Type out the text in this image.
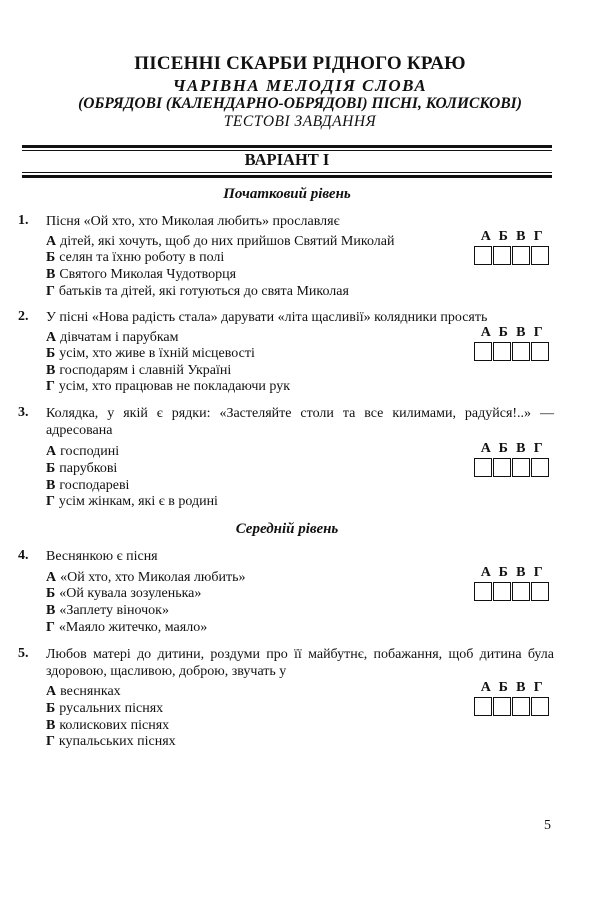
ПІСЕННІ СКАРБИ РІДНОГО КРАЮ
ЧАРІВНА МЕЛОДІЯ СЛОВА
(ОБРЯДОВІ (КАЛЕНДАРНО-ОБРЯДОВІ) ПІСНІ, КОЛИСКОВІ)
ТЕСТОВІ ЗАВДАННЯ
ВАРІАНТ І
Початковий рівень
1. Пісня «Ой хто, хто Миколая любить» прославляє
А дітей, які хочуть, щоб до них прийшов Святий Миколай
Б селян та їхню роботу в полі
В Святого Миколая Чудотворця
Г батьків та дітей, які готуються до свята Миколая
А Б В Г
2. У пісні «Нова радість стала» дарувати «літа щасливії» колядники просять
А дівчатам і парубкам
Б усім, хто живе в їхній місцевості
В господарям і славній Україні
Г усім, хто працював не покладаючи рук
А Б В Г
3. Колядка, у якій є рядки: «Застеляйте столи та все килимами, радуйся!..» — адресована
А господині
Б парубкові
В господареві
Г усім жінкам, які є в родині
А Б В Г
Середній рівень
4. Веснянкою є пісня
А «Ой хто, хто Миколая любить»
Б «Ой кувала зозуленька»
В «Заплету віночок»
Г «Маяло житечко, маяло»
А Б В Г
5. Любов матері до дитини, роздуми про її майбутнє, побажання, щоб дитина була здоровою, щасливою, доброю, звучать у
А веснянках
Б русальних піснях
В колискових піснях
Г купальських піснях
А Б В Г
5
